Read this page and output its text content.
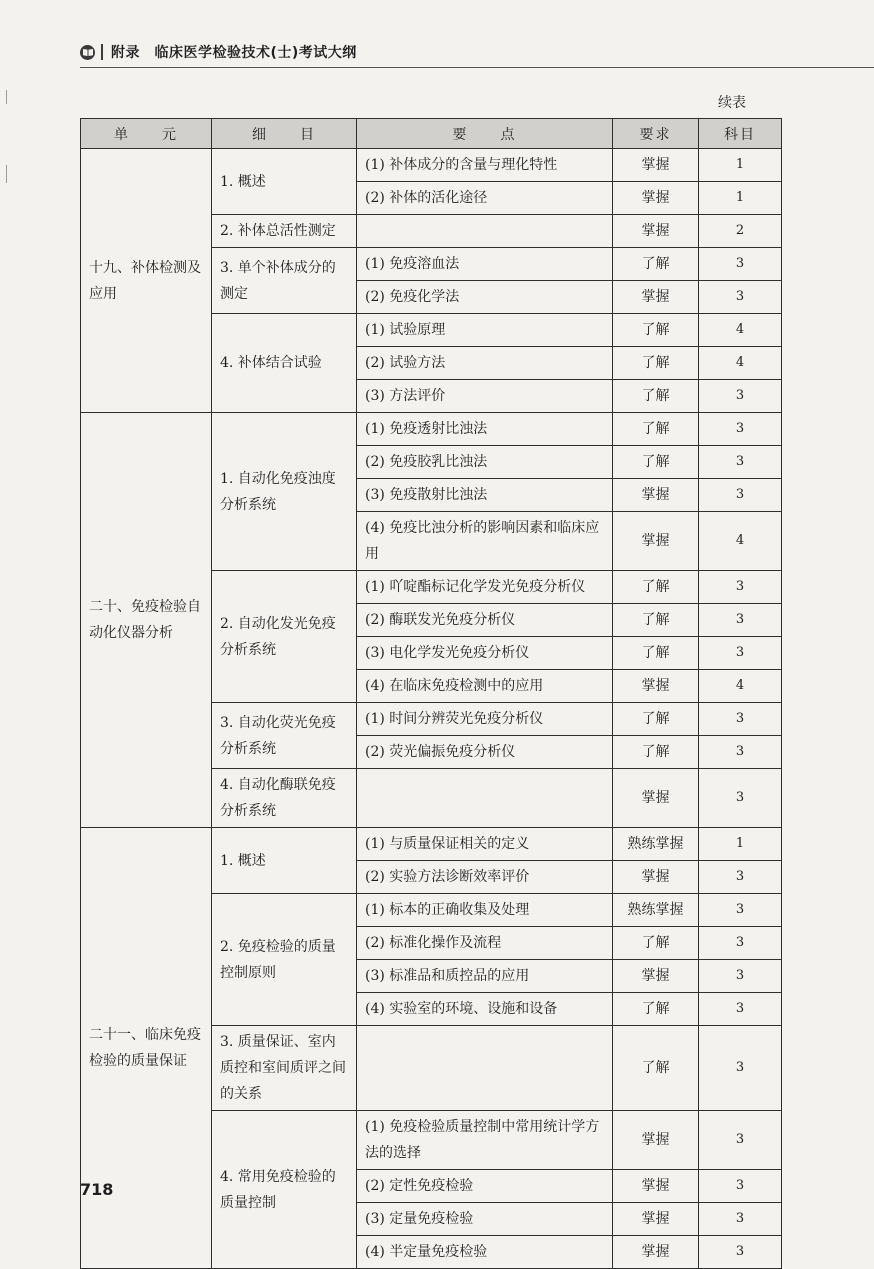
附录　临床医学检验技术(士)考试大纲
续表
单　　元	细　　目	要　　点	要求	科目
十九、补体检测及应用	1. 概述	(1) 补体成分的含量与理化特性	掌握	1
		(2) 补体的活化途径	掌握	1
	2. 补体总活性测定		掌握	2
	3. 单个补体成分的测定	(1) 免疫溶血法	了解	3
		(2) 免疫化学法	掌握	3
	4. 补体结合试验	(1) 试验原理	了解	4
		(2) 试验方法	了解	4
		(3) 方法评价	了解	3
二十、免疫检验自动化仪器分析	1. 自动化免疫浊度分析系统	(1) 免疫透射比浊法	了解	3
		(2) 免疫胶乳比浊法	了解	3
		(3) 免疫散射比浊法	掌握	3
		(4) 免疫比浊分析的影响因素和临床应用	掌握	4
	2. 自动化发光免疫分析系统	(1) 吖啶酯标记化学发光免疫分析仪	了解	3
		(2) 酶联发光免疫分析仪	了解	3
		(3) 电化学发光免疫分析仪	了解	3
		(4) 在临床免疫检测中的应用	掌握	4
	3. 自动化荧光免疫分析系统	(1) 时间分辨荧光免疫分析仪	了解	3
		(2) 荧光偏振免疫分析仪	了解	3
	4. 自动化酶联免疫分析系统		掌握	3
二十一、临床免疫检验的质量保证	1. 概述	(1) 与质量保证相关的定义	熟练掌握	1
		(2) 实验方法诊断效率评价	掌握	3
	2. 免疫检验的质量控制原则	(1) 标本的正确收集及处理	熟练掌握	3
		(2) 标准化操作及流程	了解	3
		(3) 标准品和质控品的应用	掌握	3
		(4) 实验室的环境、设施和设备	了解	3
	3. 质量保证、室内质控和室间质评之间的关系		了解	3
	4. 常用免疫检验的质量控制	(1) 免疫检验质量控制中常用统计学方法的选择	掌握	3
		(2) 定性免疫检验	掌握	3
		(3) 定量免疫检验	掌握	3
		(4) 半定量免疫检验	掌握	3
718
